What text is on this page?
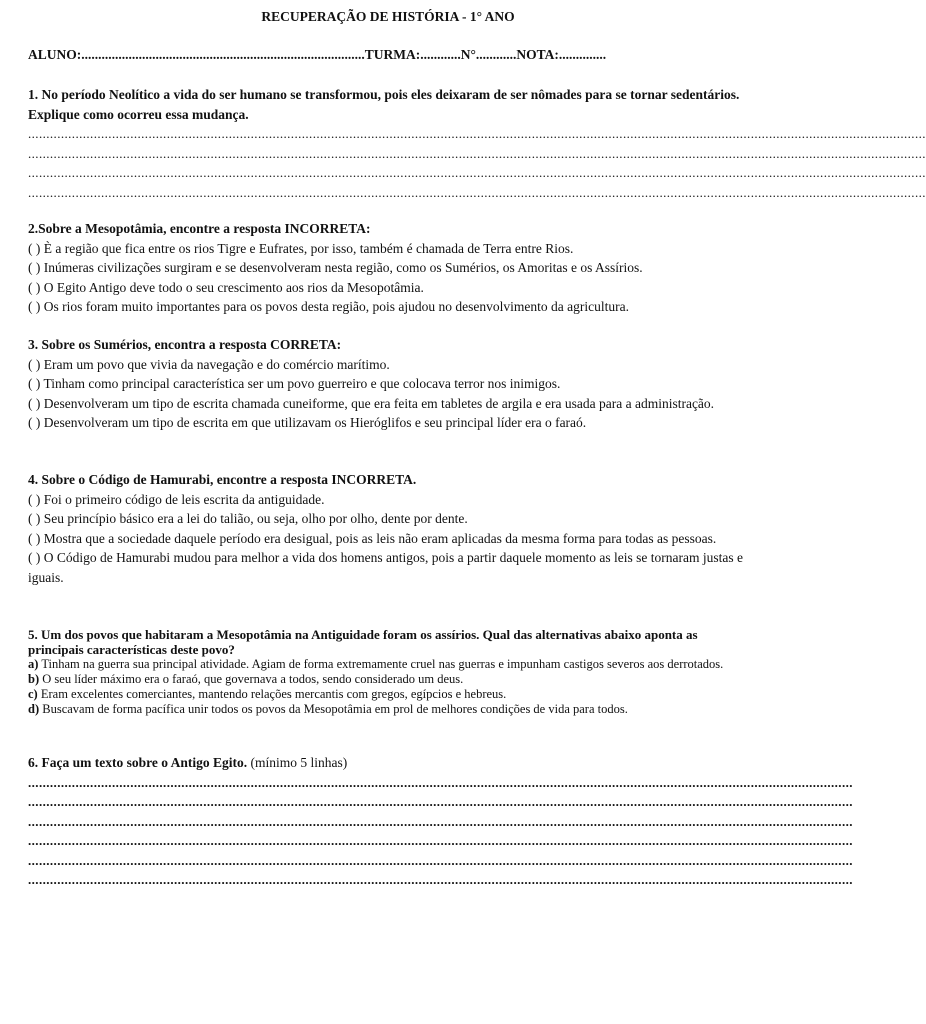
RECUPERAÇÃO DE HISTÓRIA - 1° ANO
ALUNO:....................................................................................TURMA:............N°............NOTA:..............
1. No período Neolítico a vida do ser humano se transformou, pois eles deixaram de ser nômades para se tornar sedentários. Explique como ocorreu essa mudança.
......................................................................................................................................................................................................................................................
......................................................................................................................................................................................................................................................
......................................................................................................................................................................................................................................................
......................................................................................................................................................................................................................................................
2.Sobre a Mesopotâmia, encontre a resposta INCORRETA:
( ) È a região que fica entre os rios Tigre e Eufrates, por isso, também é chamada de Terra entre Rios.
( ) Inúmeras civilizações surgiram e se desenvolveram nesta região, como os Sumérios, os Amoritas e os Assírios.
( ) O Egito Antigo deve todo o seu crescimento aos rios da Mesopotâmia.
( ) Os rios foram muito importantes para os povos desta região, pois ajudou no desenvolvimento da agricultura.
3. Sobre os Sumérios, encontra a resposta CORRETA:
( ) Eram um povo que vivia da navegação e do comércio marítimo.
( ) Tinham como principal característica ser um povo guerreiro e que colocava terror nos inimigos.
( ) Desenvolveram um tipo de escrita chamada cuneiforme, que era feita em tabletes de argila e era usada para a administração.
( ) Desenvolveram um tipo de escrita em que utilizavam os Hieróglifos e seu principal líder era o faraó.
4. Sobre o Código de Hamurabi, encontre a resposta INCORRETA.
( ) Foi o primeiro código de leis escrita da antiguidade.
( ) Seu princípio básico era a lei do talião, ou seja, olho por olho, dente por dente.
( ) Mostra que a sociedade daquele período era desigual, pois as leis não eram aplicadas da mesma forma para todas as pessoas.
( ) O Código de Hamurabi mudou para melhor a vida dos homens antigos, pois a partir daquele momento as leis se tornaram justas e iguais.
5. Um dos povos que habitaram a Mesopotâmia na Antiguidade foram os assírios. Qual das alternativas abaixo aponta as principais características deste povo?
a) Tinham na guerra sua principal atividade. Agiam de forma extremamente cruel nas guerras e impunham castigos severos aos derrotados.
b) O seu líder máximo era o faraó, que governava a todos, sendo considerado um deus.
c) Eram excelentes comerciantes, mantendo relações mercantis com gregos, egípcios e hebreus.
d) Buscavam de forma pacífica unir todos os povos da Mesopotâmia em prol de melhores condições de vida para todos.
6. Faça um texto sobre o Antigo Egito. (mínimo 5 linhas)
..................................................................................................................................................................................................................................
..................................................................................................................................................................................................................................
..................................................................................................................................................................................................................................
..................................................................................................................................................................................................................................
..................................................................................................................................................................................................................................
..................................................................................................................................................................................................................................
